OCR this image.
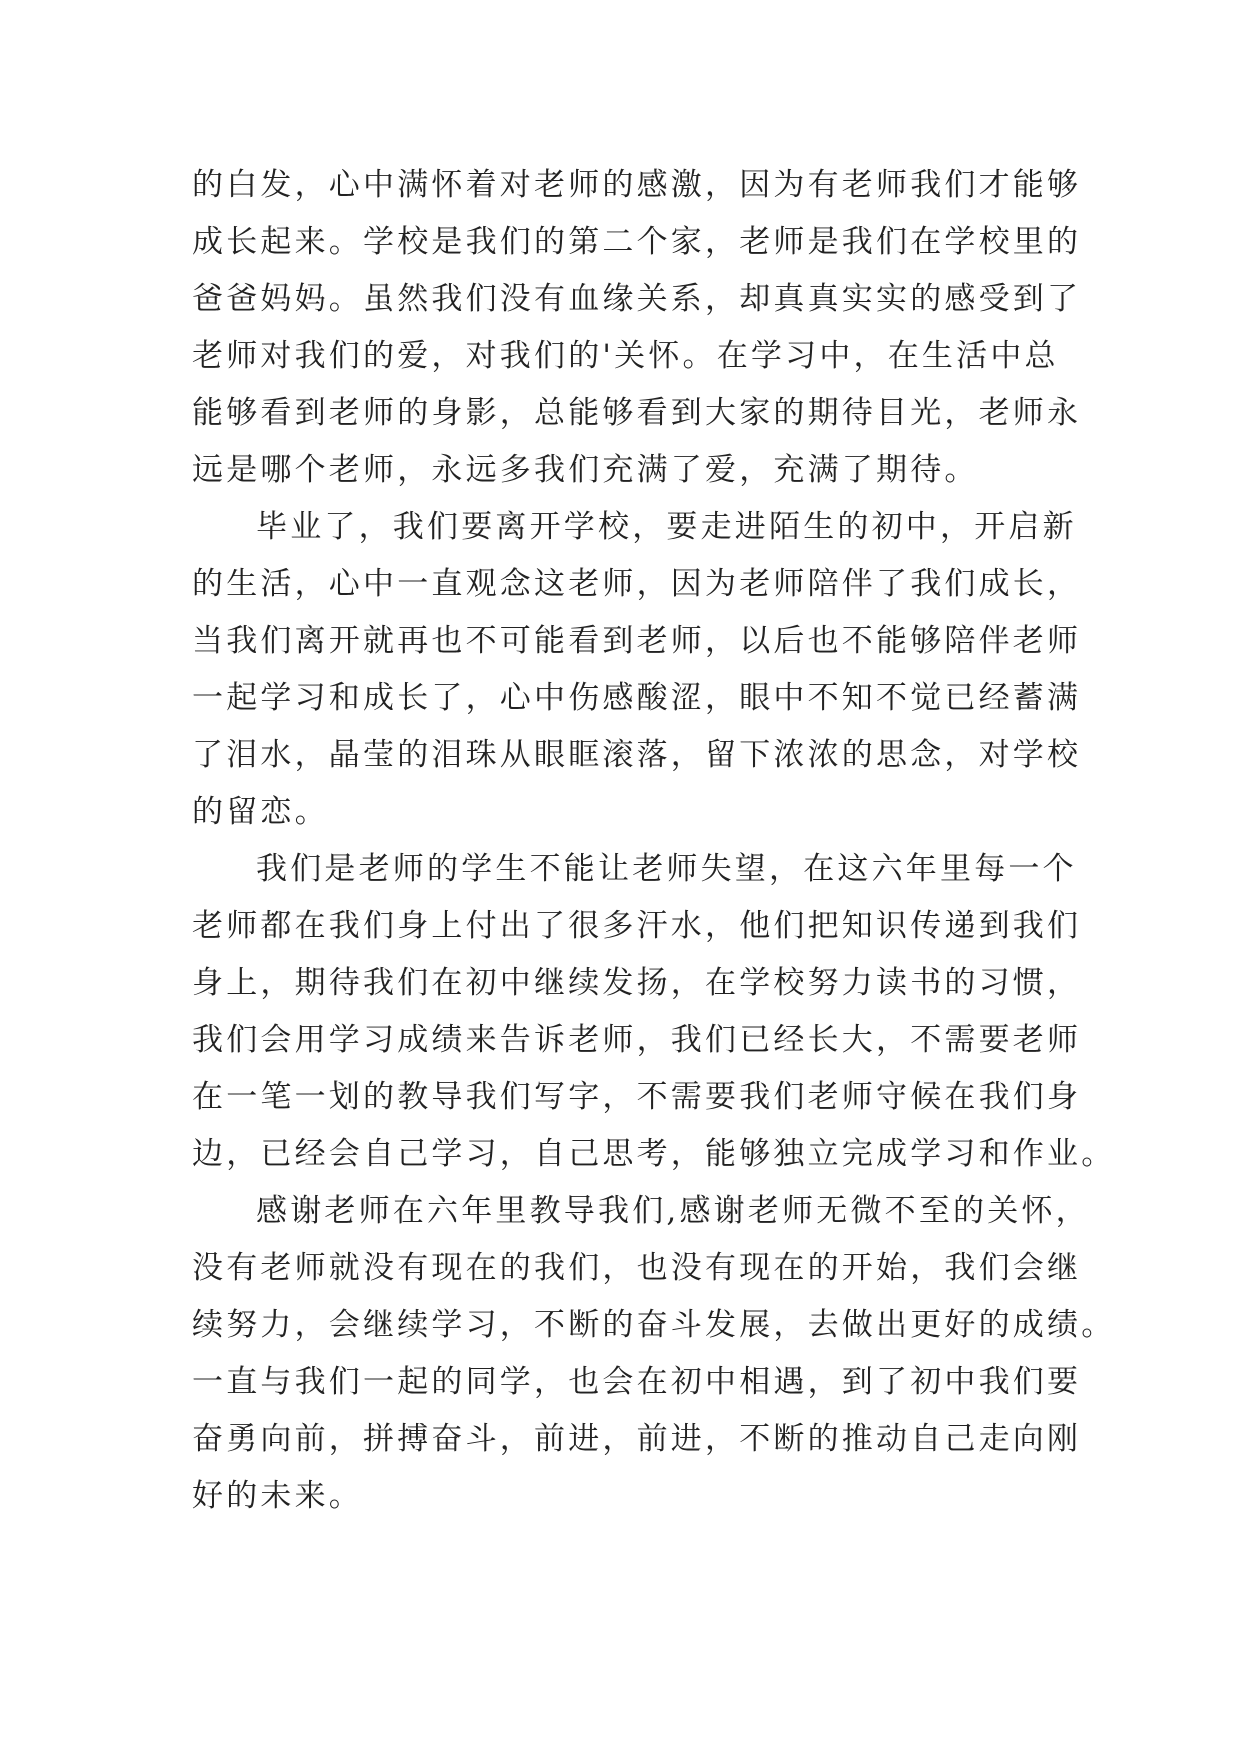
的白发，心中满怀着对老师的感激，因为有老师我们才能够
成长起来。学校是我们的第二个家，老师是我们在学校里的
爸爸妈妈。虽然我们没有血缘关系，却真真实实的感受到了
老师对我们的爱，对我们的'关怀。在学习中，在生活中总
能够看到老师的身影，总能够看到大家的期待目光，老师永
远是哪个老师，永远多我们充满了爱，充满了期待。
毕业了，我们要离开学校，要走进陌生的初中，开启新
的生活，心中一直观念这老师，因为老师陪伴了我们成长，
当我们离开就再也不可能看到老师，以后也不能够陪伴老师
一起学习和成长了，心中伤感酸涩，眼中不知不觉已经蓄满
了泪水，晶莹的泪珠从眼眶滚落，留下浓浓的思念，对学校
的留恋。
我们是老师的学生不能让老师失望，在这六年里每一个
老师都在我们身上付出了很多汗水，他们把知识传递到我们
身上，期待我们在初中继续发扬，在学校努力读书的习惯，
我们会用学习成绩来告诉老师，我们已经长大，不需要老师
在一笔一划的教导我们写字，不需要我们老师守候在我们身
边，已经会自己学习，自己思考，能够独立完成学习和作业。
感谢老师在六年里教导我们,感谢老师无微不至的关怀，
没有老师就没有现在的我们，也没有现在的开始，我们会继
续努力，会继续学习，不断的奋斗发展，去做出更好的成绩。
一直与我们一起的同学，也会在初中相遇，到了初中我们要
奋勇向前，拼搏奋斗，前进，前进，不断的推动自己走向刚
好的未来。
